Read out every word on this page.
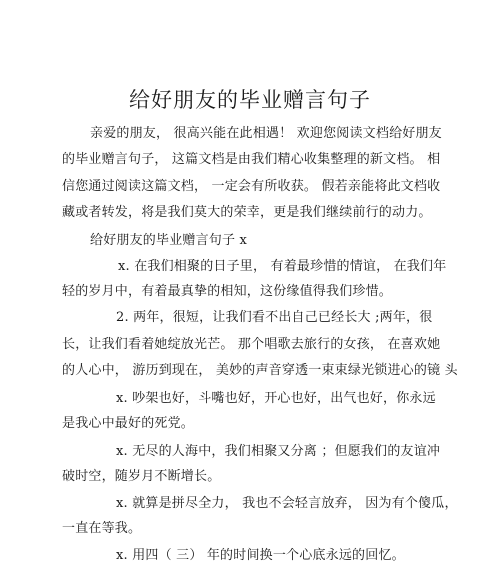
给好朋友的毕业赠言句子
亲爱的朋友， 很高兴能在此相遇！ 欢迎您阅读文档给好朋友
的毕业赠言句子， 这篇文档是由我们精心收集整理的新文档。 相
信您通过阅读这篇文档， 一定会有所收获。 假若亲能将此文档收
藏或者转发，将是我们莫大的荣幸，更是我们继续前行的动力。
给好朋友的毕业赠言句子 x
x. 在我们相聚的日子里， 有着最珍惜的情谊， 在我们年
轻的岁月中，有着最真挚的相知，这份缘值得我们珍惜。
2. 两年，很短，让我们看不出自己已经长大 ;两年，很
长，让我们看着她绽放光芒。 那个唱歌去旅行的女孩， 在喜欢她
的人心中， 游历到现在， 美妙的声音穿透一束束绿光锁进心的镜 头
x. 吵架也好，斗嘴也好，开心也好，出气也好，你永远
是我心中最好的死党。
x. 无尽的人海中，我们相聚又分离 ；但愿我们的友谊冲
破时空，随岁月不断增长。
x. 就算是拼尽全力， 我也不会轻言放弃， 因为有个傻瓜，
一直在等我。
x. 用四（ 三） 年的时间换一个心底永远的回忆。
